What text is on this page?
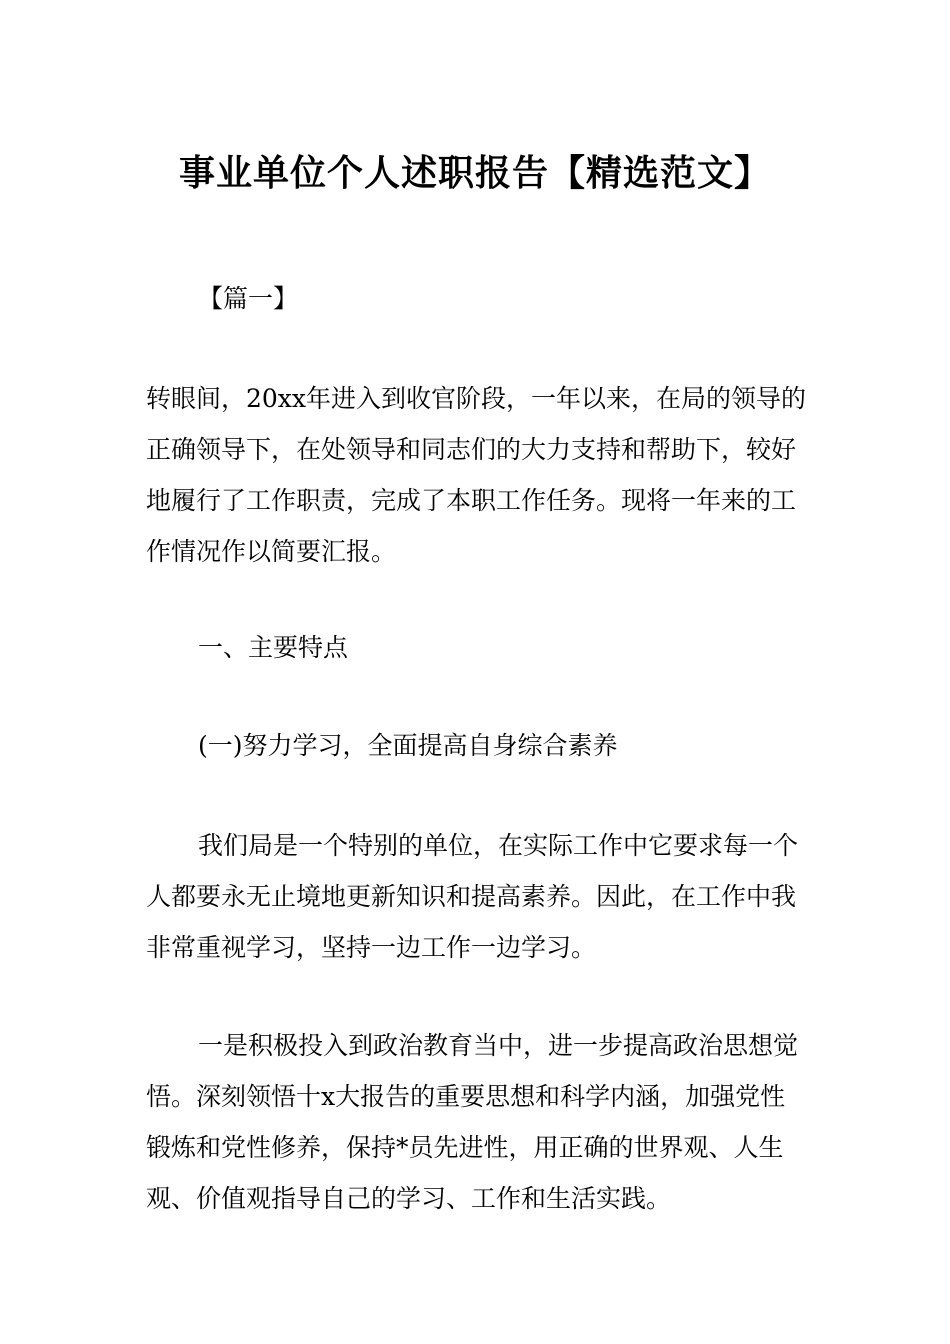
事业单位个人述职报告【精选范文】

【篇一】

转眼间，20xx年进入到收官阶段，一年以来，在局的领导的正确领导下，在处领导和同志们的大力支持和帮助下，较好地履行了工作职责，完成了本职工作任务。现将一年来的工作情况作以简要汇报。

一、主要特点

(一)努力学习，全面提高自身综合素养

我们局是一个特别的单位，在实际工作中它要求每一个人都要永无止境地更新知识和提高素养。因此，在工作中我非常重视学习，坚持一边工作一边学习。

一是积极投入到政治教育当中，进一步提高政治思想觉悟。深刻领悟十x大报告的重要思想和科学内涵，加强党性锻炼和党性修养，保持*员先进性，用正确的世界观、人生观、价值观指导自己的学习、工作和生活实践。
